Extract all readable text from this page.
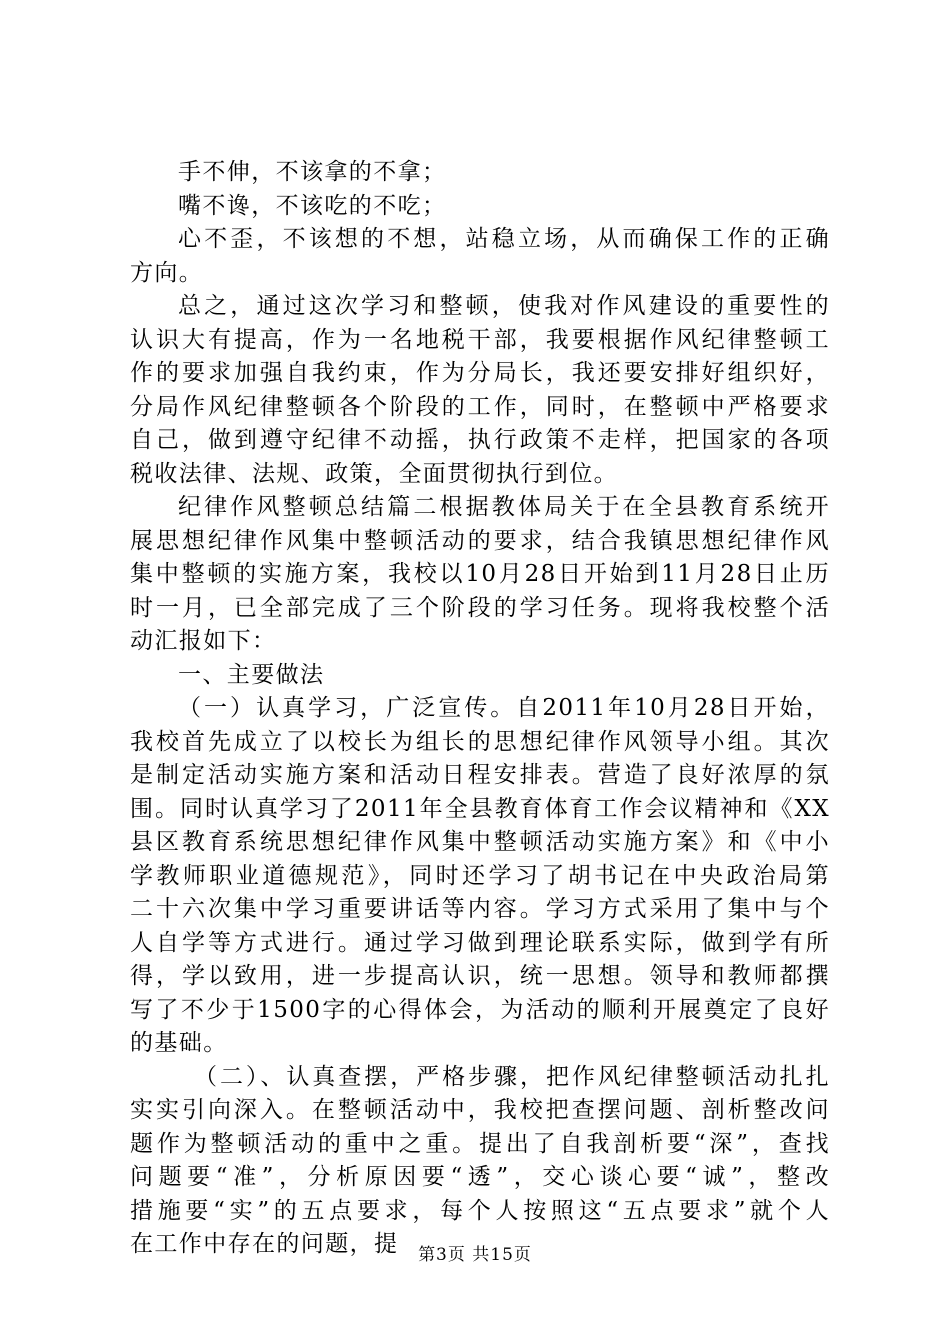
手不伸，不该拿的不拿；
嘴不谗，不该吃的不吃；
心不歪，不该想的不想，站稳立场，从而确保工作的正确
方向。
总之，通过这次学习和整顿，使我对作风建设的重要性的
认识大有提高，作为一名地税干部，我要根据作风纪律整顿工
作的要求加强自我约束，作为分局长，我还要安排好组织好，
分局作风纪律整顿各个阶段的工作，同时，在整顿中严格要求
自己，做到遵守纪律不动摇，执行政策不走样，把国家的各项
税收法律、法规、政策，全面贯彻执行到位。
纪律作风整顿总结篇二根据教体局关于在全县教育系统开
展思想纪律作风集中整顿活动的要求，结合我镇思想纪律作风
集中整顿的实施方案，我校以10月28日开始到11月28日止历
时一月，已全部完成了三个阶段的学习任务。现将我校整个活
动汇报如下：
一、主要做法
（一）认真学习，广泛宣传。自2011年10月28日开始，
我校首先成立了以校长为组长的思想纪律作风领导小组。其次
是制定活动实施方案和活动日程安排表。营造了良好浓厚的氛
围。同时认真学习了2011年全县教育体育工作会议精神和《XX
县区教育系统思想纪律作风集中整顿活动实施方案》和《中小
学教师职业道德规范》，同时还学习了胡书记在中央政治局第
二十六次集中学习重要讲话等内容。学习方式采用了集中与个
人自学等方式进行。通过学习做到理论联系实际，做到学有所
得，学以致用，进一步提高认识，统一思想。领导和教师都撰
写了不少于1500字的心得体会，为活动的顺利开展奠定了良好
的基础。
（二）、认真查摆，严格步骤，把作风纪律整顿活动扎扎
实实引向深入。在整顿活动中，我校把查摆问题、剖析整改问
题作为整顿活动的重中之重。提出了自我剖析要“深”，查找
问题要“准”，分析原因要“透”，交心谈心要“诚”，整改
措施要“实”的五点要求，每个人按照这“五点要求”就个人
在工作中存在的问题，提	第3页 共15页
